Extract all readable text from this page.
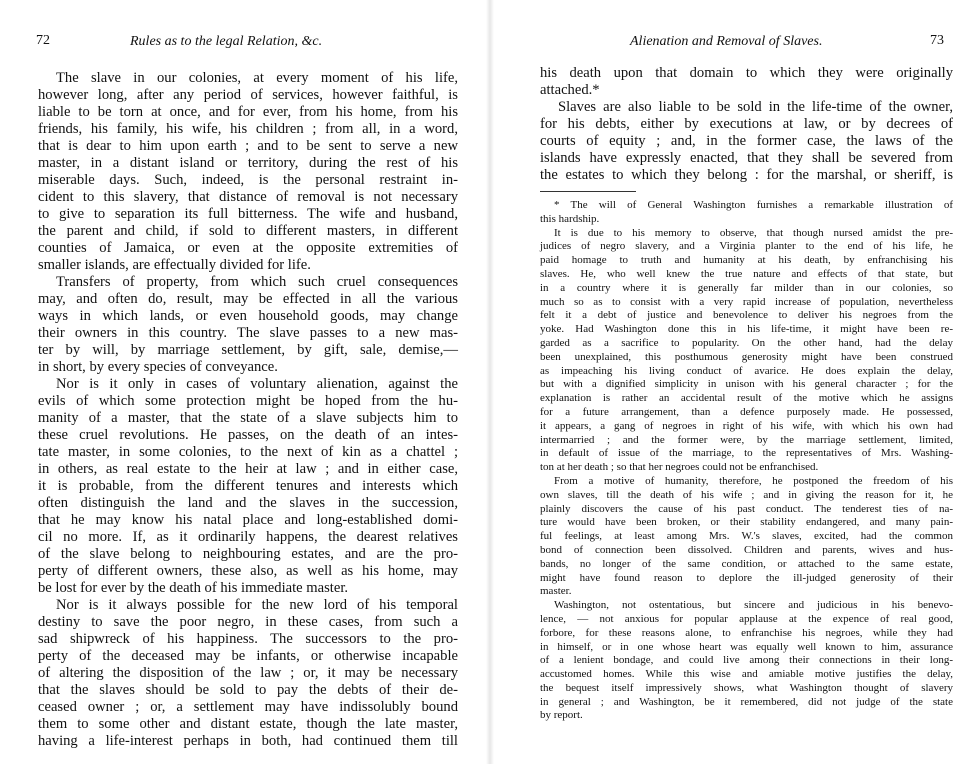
72	Rules as to the legal Relation, &c.
The slave in our colonies, at every moment of his life,
however long, after any period of services, however faithful, is
liable to be torn at once, and for ever, from his home, from his
friends, his family, his wife, his children ; from all, in a word,
that is dear to him upon earth ; and to be sent to serve a new
master, in a distant island or territory, during the rest of his
miserable days. Such, indeed, is the personal restraint in-
cident to this slavery, that distance of removal is not necessary
to give to separation its full bitterness. The wife and husband,
the parent and child, if sold to different masters, in different
counties of Jamaica, or even at the opposite extremities of
smaller islands, are effectually divided for life.
Transfers of property, from which such cruel consequences
may, and often do, result, may be effected in all the various
ways in which lands, or even household goods, may change
their owners in this country. The slave passes to a new mas-
ter by will, by marriage settlement, by gift, sale, demise,—
in short, by every species of conveyance.
Nor is it only in cases of voluntary alienation, against the
evils of which some protection might be hoped from the hu-
manity of a master, that the state of a slave subjects him to
these cruel revolutions. He passes, on the death of an intes-
tate master, in some colonies, to the next of kin as a chattel ;
in others, as real estate to the heir at law ; and in either case,
it is probable, from the different tenures and interests which
often distinguish the land and the slaves in the succession,
that he may know his natal place and long-established domi-
cil no more. If, as it ordinarily happens, the dearest relatives
of the slave belong to neighbouring estates, and are the pro-
perty of different owners, these also, as well as his home, may
be lost for ever by the death of his immediate master.
Nor is it always possible for the new lord of his temporal
destiny to save the poor negro, in these cases, from such a
sad shipwreck of his happiness. The successors to the pro-
perty of the deceased may be infants, or otherwise incapable
of altering the disposition of the law ; or, it may be necessary
that the slaves should be sold to pay the debts of their de-
ceased owner ; or, a settlement may have indissolubly bound
them to some other and distant estate, though the late master,
having a life-interest perhaps in both, had continued them till
Alienation and Removal of Slaves.	73
his death upon that domain to which they were originally
attached.*
Slaves are also liable to be sold in the life-time of the owner,
for his debts, either by executions at law, or by decrees of
courts of equity ; and, in the former case, the laws of the
islands have expressly enacted, that they shall be severed from
the estates to which they belong : for the marshal, or sheriff, is
* The will of General Washington furnishes a remarkable illustration of
this hardship.
It is due to his memory to observe, that though nursed amidst the pre-
judices of negro slavery, and a Virginia planter to the end of his life, he
paid homage to truth and humanity at his death, by enfranchising his
slaves. He, who well knew the true nature and effects of that state, but
in a country where it is generally far milder than in our colonies, so
much so as to consist with a very rapid increase of population, nevertheless
felt it a debt of justice and benevolence to deliver his negroes from the
yoke. Had Washington done this in his life-time, it might have been re-
garded as a sacrifice to popularity. On the other hand, had the delay
been unexplained, this posthumous generosity might have been construed
as impeaching his living conduct of avarice. He does explain the delay,
but with a dignified simplicity in unison with his general character ; for the
explanation is rather an accidental result of the motive which he assigns
for a future arrangement, than a defence purposely made. He possessed,
it appears, a gang of negroes in right of his wife, with which his own had
intermarried ; and the former were, by the marriage settlement, limited,
in default of issue of the marriage, to the representatives of Mrs. Washing-
ton at her death ; so that her negroes could not be enfranchised.
From a motive of humanity, therefore, he postponed the freedom of his
own slaves, till the death of his wife ; and in giving the reason for it, he
plainly discovers the cause of his past conduct. The tenderest ties of na-
ture would have been broken, or their stability endangered, and many pain-
ful feelings, at least among Mrs. W.'s slaves, excited, had the common
bond of connection been dissolved. Children and parents, wives and hus-
bands, no longer of the same condition, or attached to the same estate,
might have found reason to deplore the ill-judged generosity of their
master.
Washington, not ostentatious, but sincere and judicious in his benevo-
lence, — not anxious for popular applause at the expence of real good,
forbore, for these reasons alone, to enfranchise his negroes, while they had
in himself, or in one whose heart was equally well known to him, assurance
of a lenient bondage, and could live among their connections in their long-
accustomed homes. While this wise and amiable motive justifies the delay,
the bequest itself impressively shows, what Washington thought of slavery
in general ; and Washington, be it remembered, did not judge of the state
by report.
